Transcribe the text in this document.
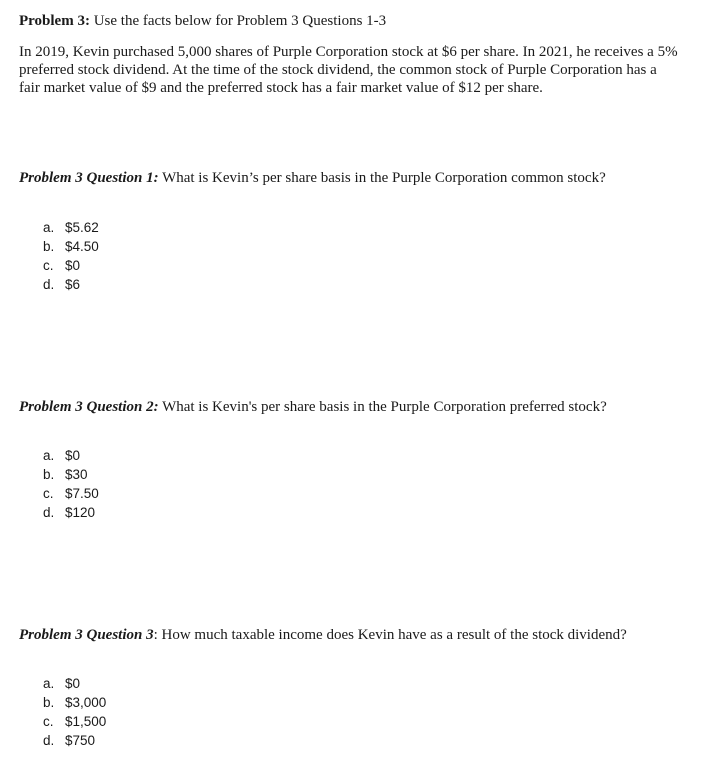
Problem 3: Use the facts below for Problem 3 Questions 1-3

In 2019, Kevin purchased 5,000 shares of Purple Corporation stock at $6 per share. In 2021, he receives a 5% preferred stock dividend. At the time of the stock dividend, the common stock of Purple Corporation has a fair market value of $9 and the preferred stock has a fair market value of $12 per share.

Problem 3 Question 1: What is Kevin’s per share basis in the Purple Corporation common stock?

a. $5.62
b. $4.50
c. $0
d. $6

Problem 3 Question 2: What is Kevin's per share basis in the Purple Corporation preferred stock?

a. $0
b. $30
c. $7.50
d. $120

Problem 3 Question 3: How much taxable income does Kevin have as a result of the stock dividend?

a. $0
b. $3,000
c. $1,500
d. $750
